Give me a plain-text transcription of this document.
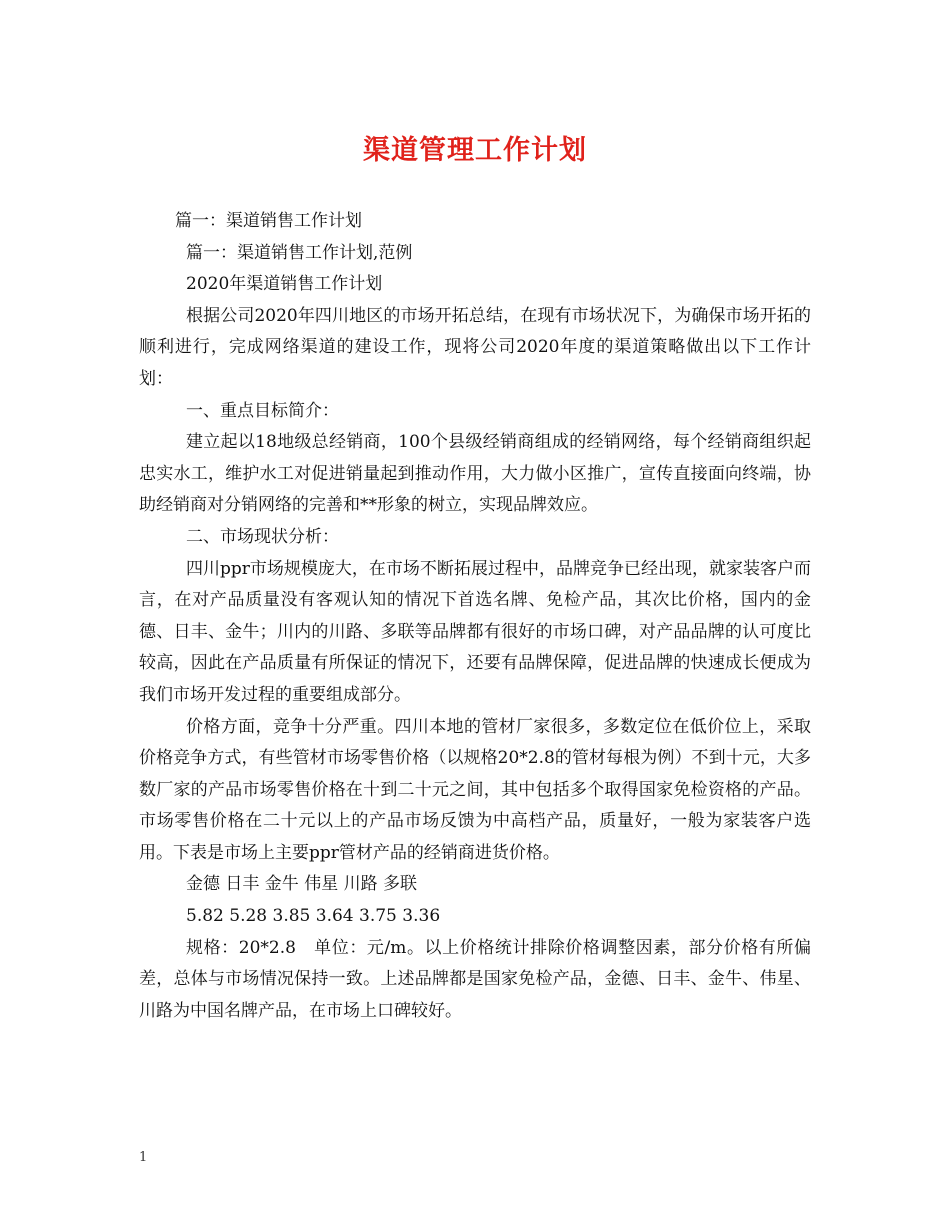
渠道管理工作计划

篇一：渠道销售工作计划

篇一：渠道销售工作计划,范例

2020年渠道销售工作计划

根据公司2020年四川地区的市场开拓总结，在现有市场状况下，为确保市场开拓的顺利进行，完成网络渠道的建设工作，现将公司2020年度的渠道策略做出以下工作计划：

一、重点目标简介：

建立起以18地级总经销商，100个县级经销商组成的经销网络，每个经销商组织起忠实水工，维护水工对促进销量起到推动作用，大力做小区推广，宣传直接面向终端，协助经销商对分销网络的完善和**形象的树立，实现品牌效应。

二、市场现状分析：

四川ppr市场规模庞大，在市场不断拓展过程中，品牌竞争已经出现，就家装客户而言，在对产品质量没有客观认知的情况下首选名牌、免检产品，其次比价格，国内的金德、日丰、金牛；川内的川路、多联等品牌都有很好的市场口碑，对产品品牌的认可度比较高，因此在产品质量有所保证的情况下，还要有品牌保障，促进品牌的快速成长便成为我们市场开发过程的重要组成部分。

价格方面，竞争十分严重。四川本地的管材厂家很多，多数定位在低价位上，采取价格竞争方式，有些管材市场零售价格（以规格20*2.8的管材每根为例）不到十元，大多数厂家的产品市场零售价格在十到二十元之间，其中包括多个取得国家免检资格的产品。市场零售价格在二十元以上的产品市场反馈为中高档产品，质量好，一般为家装客户选用。下表是市场上主要ppr管材产品的经销商进货价格。

金德 日丰 金牛 伟星 川路 多联

5.82 5.28 3.85 3.64 3.75 3.36

规格：20*2.8　单位：元/m。以上价格统计排除价格调整因素，部分价格有所偏差，总体与市场情况保持一致。上述品牌都是国家免检产品，金德、日丰、金牛、伟星、川路为中国名牌产品，在市场上口碑较好。

1
